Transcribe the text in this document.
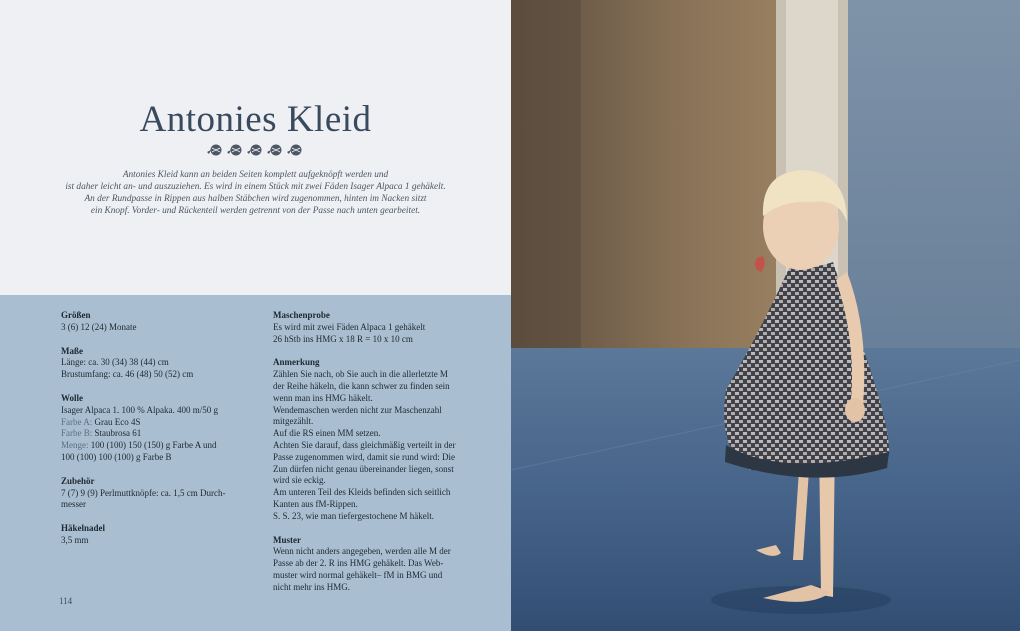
Antonies Kleid
Antonies Kleid kann an beiden Seiten komplett aufgeknöpft werden und
ist daher leicht an- und auszuziehen. Es wird in einem Stück mit zwei Fäden Isager Alpaca 1 gehäkelt.
An der Rundpasse in Rippen aus halben Stäbchen wird zugenommen, hinten im Nacken sitzt
ein Knopf. Vorder- und Rückenteil werden getrennt von der Passe nach unten gearbeitet.
Größen
3 (6) 12 (24) Monate
Maße
Länge: ca. 30 (34) 38 (44) cm
Brustumfang: ca. 46 (48) 50 (52) cm
Wolle
Isager Alpaca 1. 100 % Alpaka. 400 m/50 g
Farbe A: Grau Eco 4S
Farbe B: Staubrosa 61
Menge: 100 (100) 150 (150) g Farbe A und
100 (100) 100 (100) g Farbe B
Zubehör
7 (7) 9 (9) Perlmuttknöpfe: ca. 1,5 cm Durch-
messer
Häkelnadel
3,5 mm
Maschenprobe
Es wird mit zwei Fäden Alpaca 1 gehäkelt
26 hStb ins HMG x 18 R = 10 x 10 cm
Anmerkung
Zählen Sie nach, ob Sie auch in die allerletzte M
der Reihe häkeln, die kann schwer zu finden sein
wenn man ins HMG häkelt.
Wendemaschen werden nicht zur Maschenzahl
mitgezählt.
Auf die RS einen MM setzen.
Achten Sie darauf, dass gleichmäßig verteilt in der
Passe zugenommen wird, damit sie rund wird: Die
Zun dürfen nicht genau übereinander liegen, sonst
wird sie eckig.
Am unteren Teil des Kleids befinden sich seitlich
Kanten aus fM-Rippen.
S. S. 23, wie man tiefergestochene M häkelt.
Muster
Wenn nicht anders angegeben, werden alle M der
Passe ab der 2. R ins HMG gehäkelt. Das Web-
muster wird normal gehäkelt– fM in BMG und
nicht mehr ins HMG.
114
